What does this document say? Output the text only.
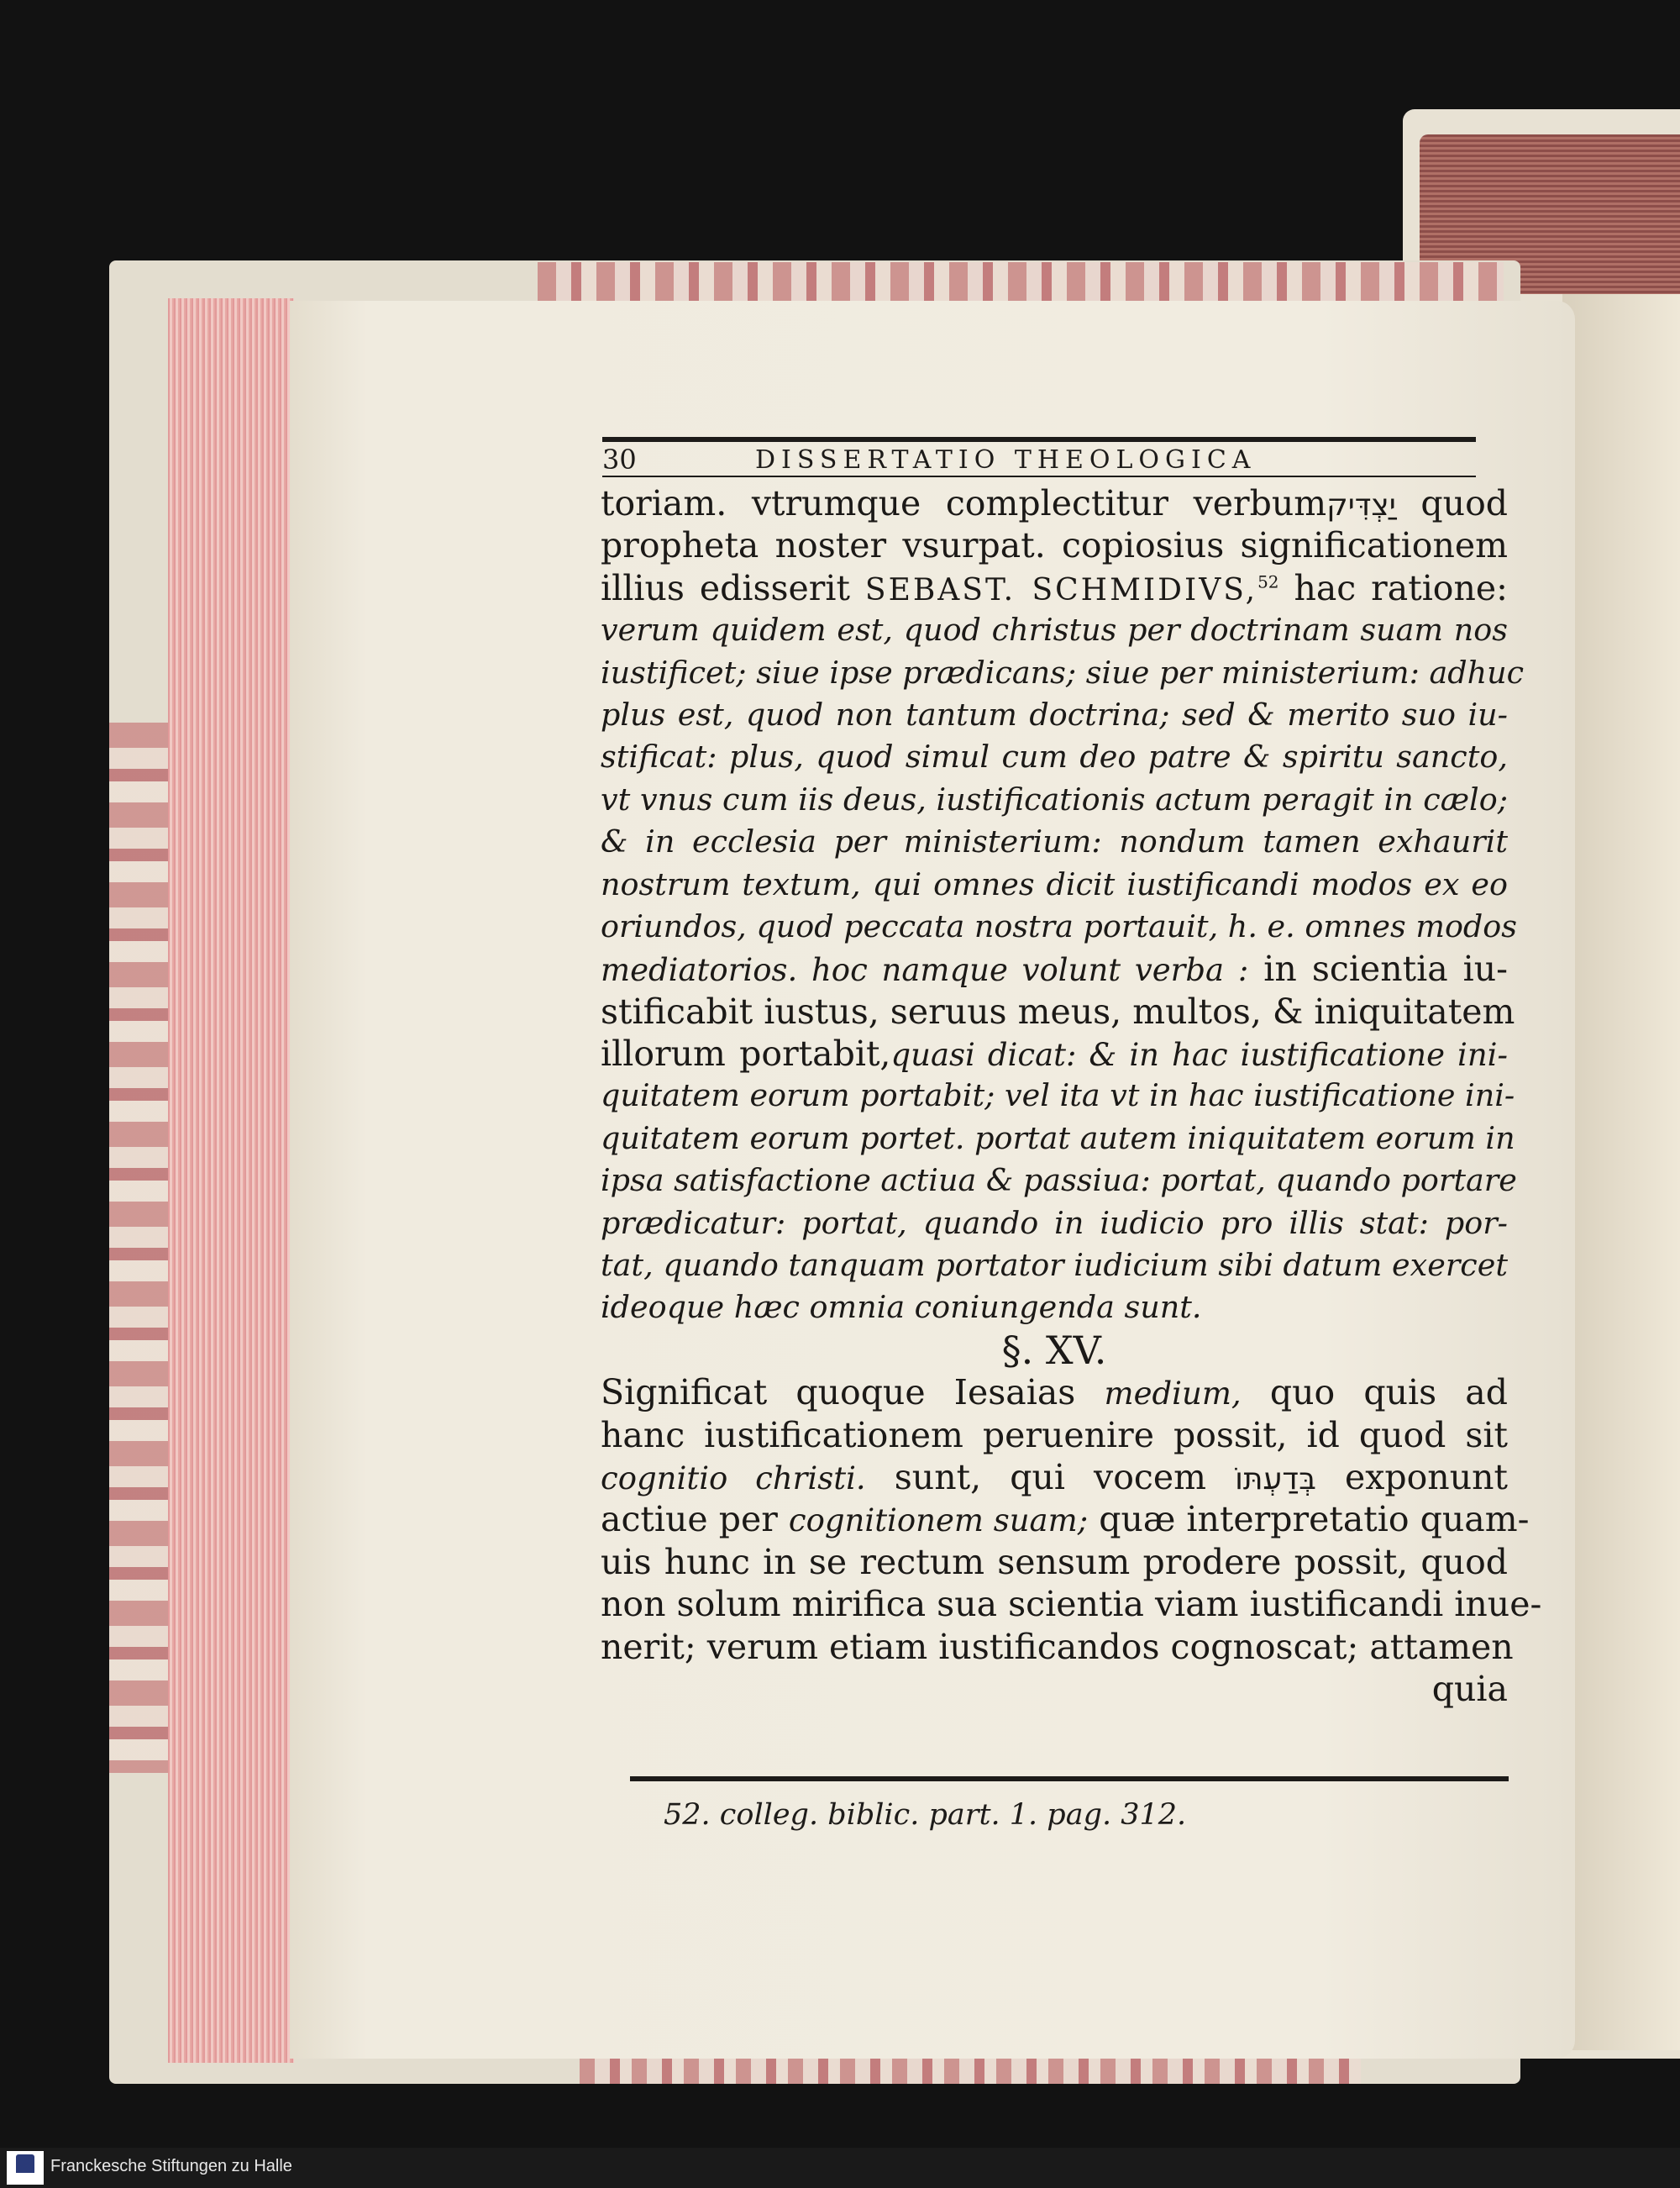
30	DISSERTATIO THEOLOGICA
toriam. vtrumque complectitur verbumיַצְדִּיק quod
propheta noster vsurpat. copiosius significationem
illius edisserit SEBAST. SCHMIDIVS,$^{52}$ hac ratione:
verum quidem est, quod christus per doctrinam suam nos
iustificet; siue ipse prædicans; siue per ministerium: adhuc
plus est, quod non tantum doctrina; sed & merito suo iu-
stificat: plus, quod simul cum deo patre & spiritu sancto,
vt vnus cum iis deus, iustificationis actum peragit in cælo;
& in ecclesia per ministerium: nondum tamen exhaurit
nostrum textum, qui omnes dicit iustificandi modos ex eo
oriundos, quod peccata nostra portauit, h. e. omnes modos
mediatorios. hoc namque volunt verba : in scientia iu-
stificabit iustus, seruus meus, multos, & iniquitatem
illorum portabit,quasi dicat: & in hac iustificatione ini-
quitatem eorum portabit; vel ita vt in hac iustificatione ini-
quitatem eorum portet. portat autem iniquitatem eorum in
ipsa satisfactione actiua & passiua: portat, quando portare
prædicatur: portat, quando in iudicio pro illis stat: por-
tat, quando tanquam portator iudicium sibi datum exercet
ideoque hæc omnia coniungenda sunt.
§. XV.
Significat quoque Iesaias medium, quo quis ad
hanc iustificationem peruenire possit, id quod sit
cognitio christi. sunt, qui vocem בְּדַעְתּוֹ exponunt
actiue per cognitionem suam; quæ interpretatio quam-
uis hunc in se rectum sensum prodere possit, quod
non solum mirifica sua scientia viam iustificandi inue-
nerit; verum etiam iustificandos cognoscat; attamen
quia
52. colleg. biblic. part. 1. pag. 312.
Franckesche Stiftungen zu Halle
